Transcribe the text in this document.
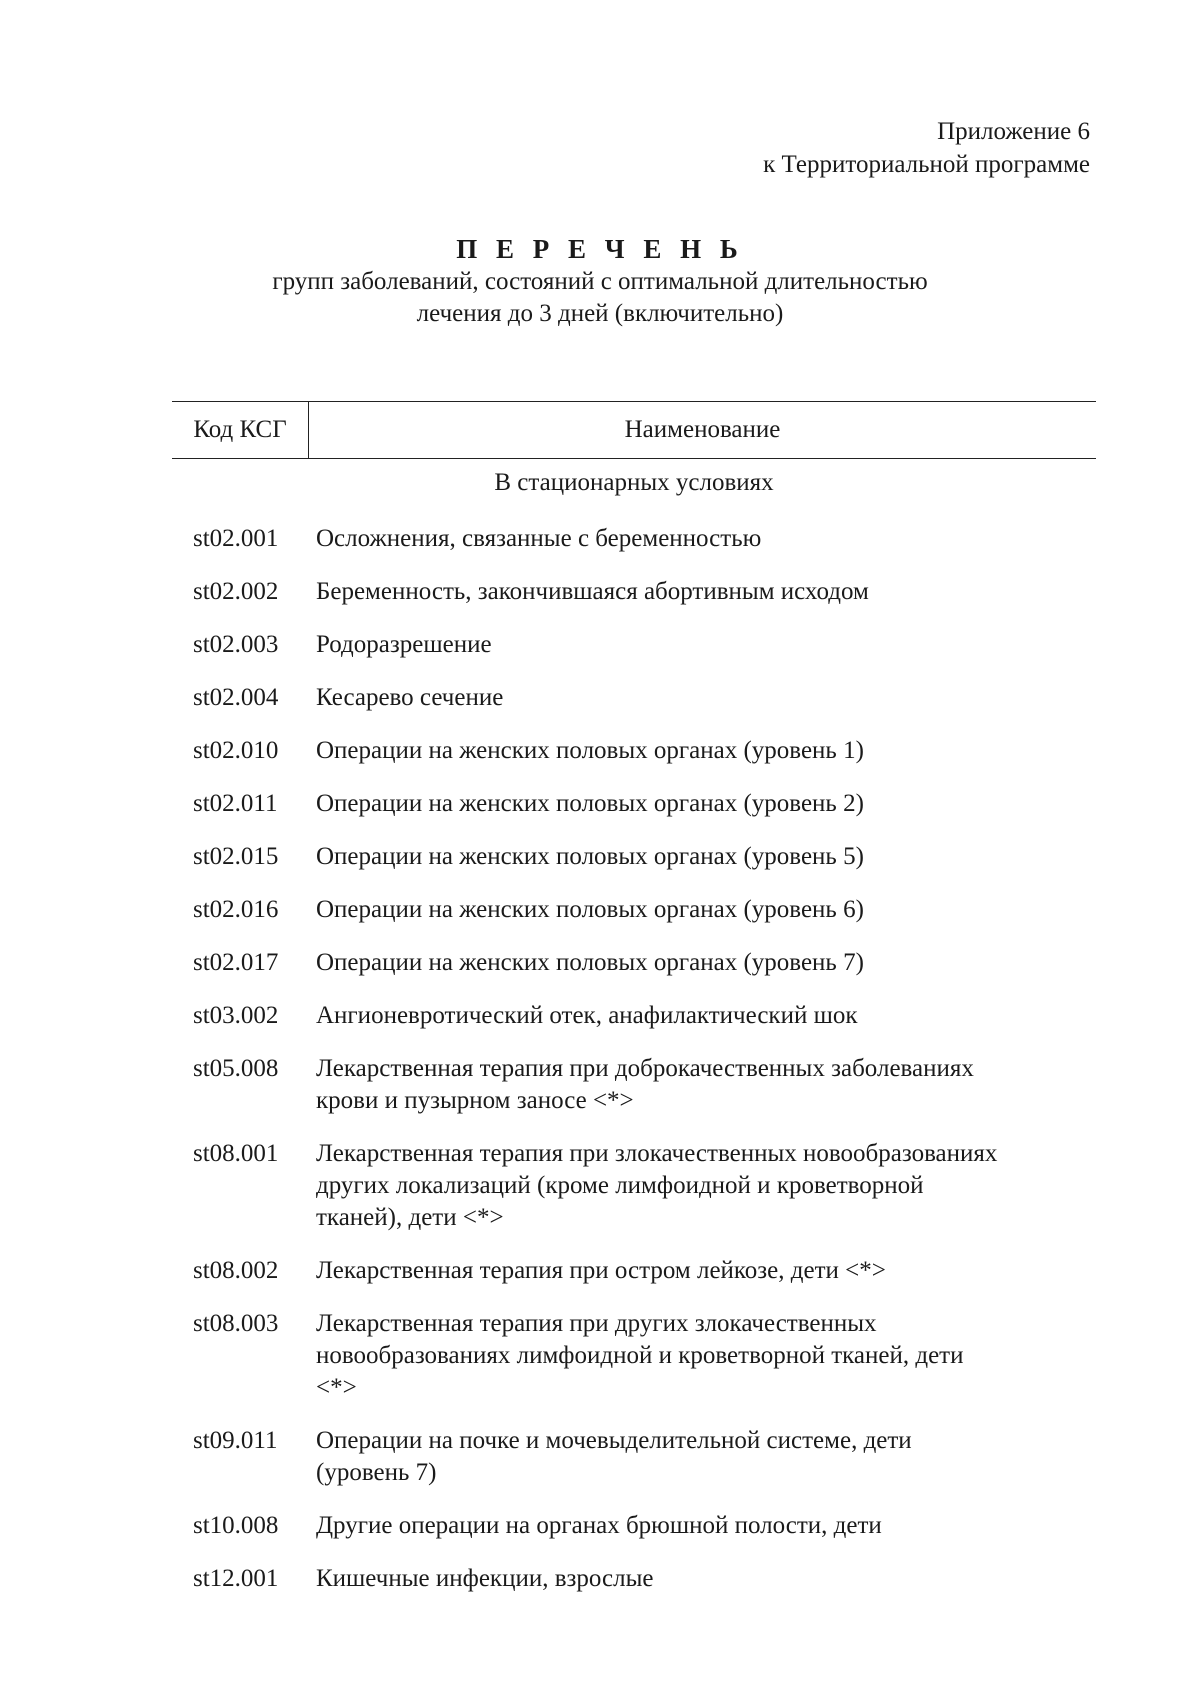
Приложение 6
к Территориальной программе
П Е Р Е Ч Е Н Ь
групп заболеваний, состояний с оптимальной длительностью
лечения до 3 дней (включительно)
Код КСГ	Наименование
В стационарных условиях
st02.001	Осложнения, связанные с беременностью
st02.002	Беременность, закончившаяся абортивным исходом
st02.003	Родоразрешение
st02.004	Кесарево сечение
st02.010	Операции на женских половых органах (уровень 1)
st02.011	Операции на женских половых органах (уровень 2)
st02.015	Операции на женских половых органах (уровень 5)
st02.016	Операции на женских половых органах (уровень 6)
st02.017	Операции на женских половых органах (уровень 7)
st03.002	Ангионевротический отек, анафилактический шок
st05.008	Лекарственная терапия при доброкачественных заболеваниях
крови и пузырном заносе <*>
st08.001	Лекарственная терапия при злокачественных новообразованиях
других локализаций (кроме лимфоидной и кроветворной
тканей), дети <*>
st08.002	Лекарственная терапия при остром лейкозе, дети <*>
st08.003	Лекарственная терапия при других злокачественных
новообразованиях лимфоидной и кроветворной тканей, дети
<*>
st09.011	Операции на почке и мочевыделительной системе, дети
(уровень 7)
st10.008	Другие операции на органах брюшной полости, дети
st12.001	Кишечные инфекции, взрослые
